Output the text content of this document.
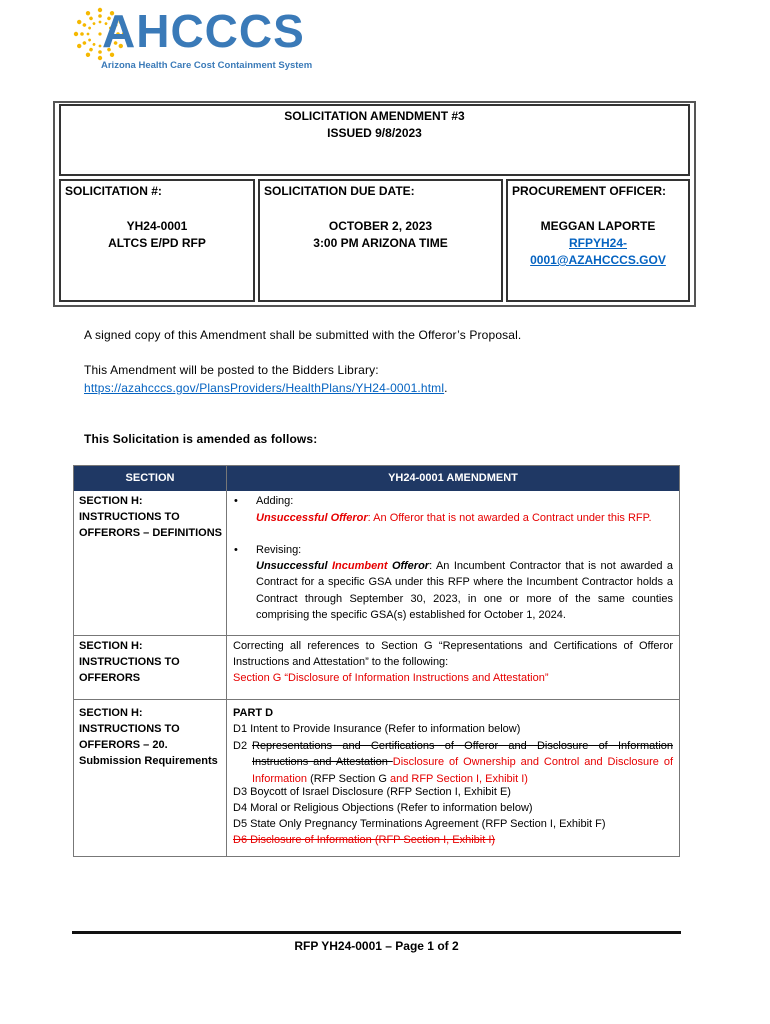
AHCCCS
Arizona Health Care Cost Containment System
SOLICITATION AMENDMENT #3
ISSUED 9/8/2023
SOLICITATION #:
YH24-0001
ALTCS E/PD RFP
SOLICITATION DUE DATE:
OCTOBER 2, 2023
3:00 PM ARIZONA TIME
PROCUREMENT OFFICER:
MEGGAN LAPORTE
RFPYH24-
0001@AZAHCCCS.GOV
A signed copy of this Amendment shall be submitted with the Offeror’s Proposal.
This Amendment will be posted to the Bidders Library:
https://azahcccs.gov/PlansProviders/HealthPlans/YH24-0001.html.
This Solicitation is amended as follows:
SECTION	YH24-0001 AMENDMENT
SECTION H: INSTRUCTIONS TO OFFERORS – DEFINITIONS
• Adding:
Unsuccessful Offeror: An Offeror that is not awarded a Contract under this RFP.
• Revising:
Unsuccessful Incumbent Offeror: An Incumbent Contractor that is not awarded a Contract for a specific GSA under this RFP where the Incumbent Contractor holds a Contract through September 30, 2023, in one or more of the same counties comprising the specific GSA(s) established for October 1, 2024.
SECTION H: INSTRUCTIONS TO OFFERORS
Correcting all references to Section G “Representations and Certifications of Offeror Instructions and Attestation” to the following:
Section G “Disclosure of Information Instructions and Attestation”
SECTION H: INSTRUCTIONS TO OFFERORS – 20. Submission Requirements
PART D
D1 Intent to Provide Insurance (Refer to information below)
D2 Representations and Certifications of Offeror and Disclosure of Information Instructions and Attestation Disclosure of Ownership and Control and Disclosure of Information (RFP Section G and RFP Section I, Exhibit I)
D3 Boycott of Israel Disclosure (RFP Section I, Exhibit E)
D4 Moral or Religious Objections (Refer to information below)
D5 State Only Pregnancy Terminations Agreement (RFP Section I, Exhibit F)
D6 Disclosure of Information (RFP Section I, Exhibit I)
RFP YH24-0001 – Page 1 of 2
